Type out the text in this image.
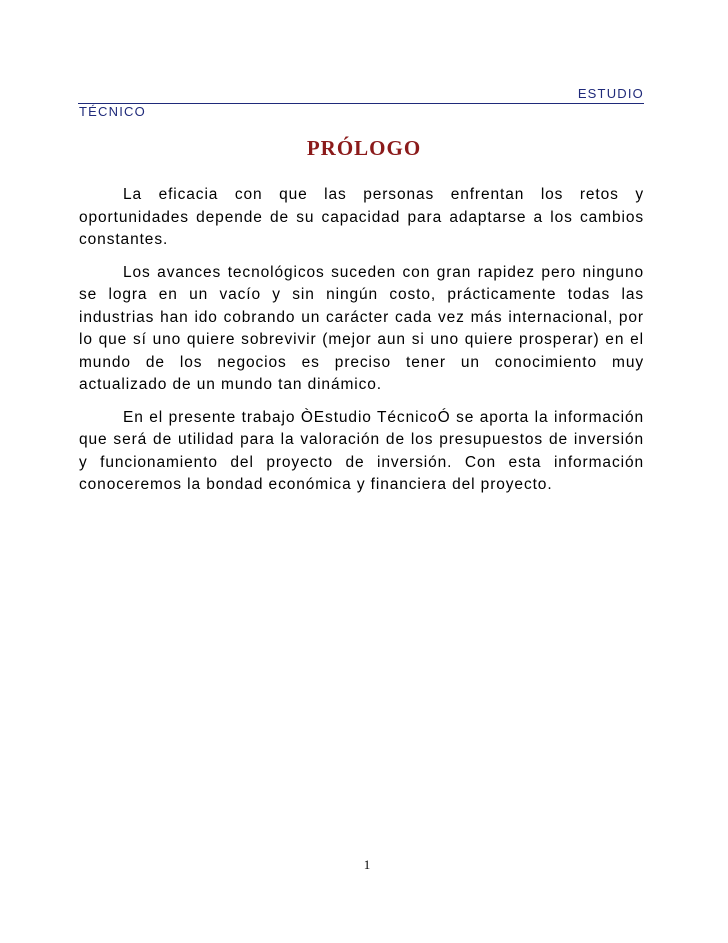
ESTUDIO
TÉCNICO
PRÓLOGO

La eficacia con que las personas enfrentan los retos y oportunidades depende de su capacidad para adaptarse a los cambios constantes.

Los avances tecnológicos suceden con gran rapidez pero ninguno se logra en un vacío y sin ningún costo, prácticamente todas las industrias han ido cobrando un carácter cada vez más internacional, por lo que sí uno quiere sobrevivir (mejor aun si uno quiere prosperar) en el mundo de los negocios es preciso tener un conocimiento muy actualizado de un mundo tan dinámico.

En el presente trabajo ÒEstudio TécnicoÓ se aporta la información que será de utilidad para la valoración de los presupuestos de inversión y funcionamiento del proyecto de inversión. Con esta información conoceremos la bondad económica y financiera del proyecto.

1
